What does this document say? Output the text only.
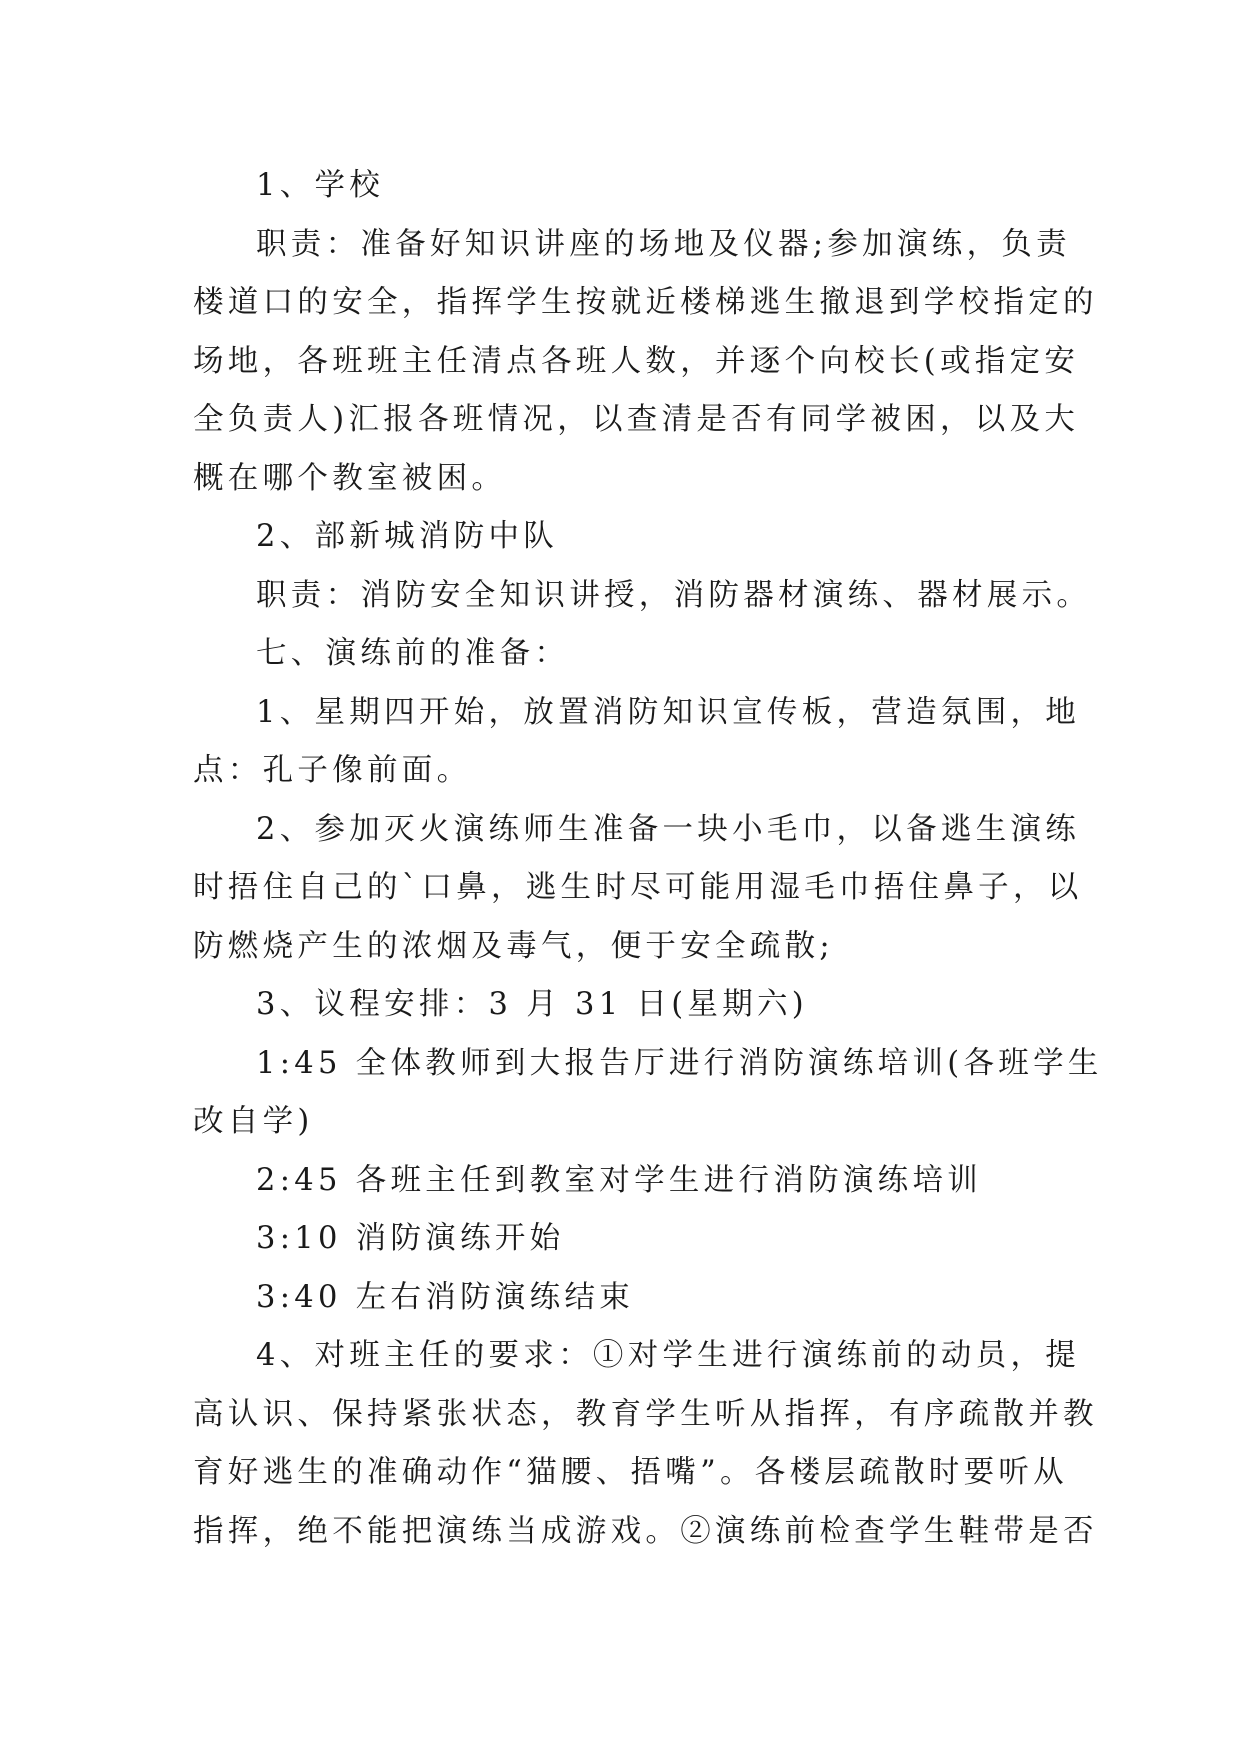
1、学校

职责：准备好知识讲座的场地及仪器;参加演练，负责
楼道口的安全，指挥学生按就近楼梯逃生撤退到学校指定的
场地，各班班主任清点各班人数，并逐个向校长(或指定安
全负责人)汇报各班情况，以查清是否有同学被困，以及大
概在哪个教室被困。

2、部新城消防中队

职责：消防安全知识讲授，消防器材演练、器材展示。

七、演练前的准备：

1、星期四开始，放置消防知识宣传板，营造氛围，地
点：孔子像前面。

2、参加灭火演练师生准备一块小毛巾，以备逃生演练
时捂住自己的`口鼻，逃生时尽可能用湿毛巾捂住鼻子，以
防燃烧产生的浓烟及毒气，便于安全疏散;

3、议程安排：3 月 31 日(星期六)

1:45 全体教师到大报告厅进行消防演练培训(各班学生
改自学)

2:45 各班主任到教室对学生进行消防演练培训

3:10 消防演练开始

3:40 左右消防演练结束

4、对班主任的要求：①对学生进行演练前的动员，提
高认识、保持紧张状态，教育学生听从指挥，有序疏散并教
育好逃生的准确动作“猫腰、捂嘴”。各楼层疏散时要听从
指挥，绝不能把演练当成游戏。②演练前检查学生鞋带是否
